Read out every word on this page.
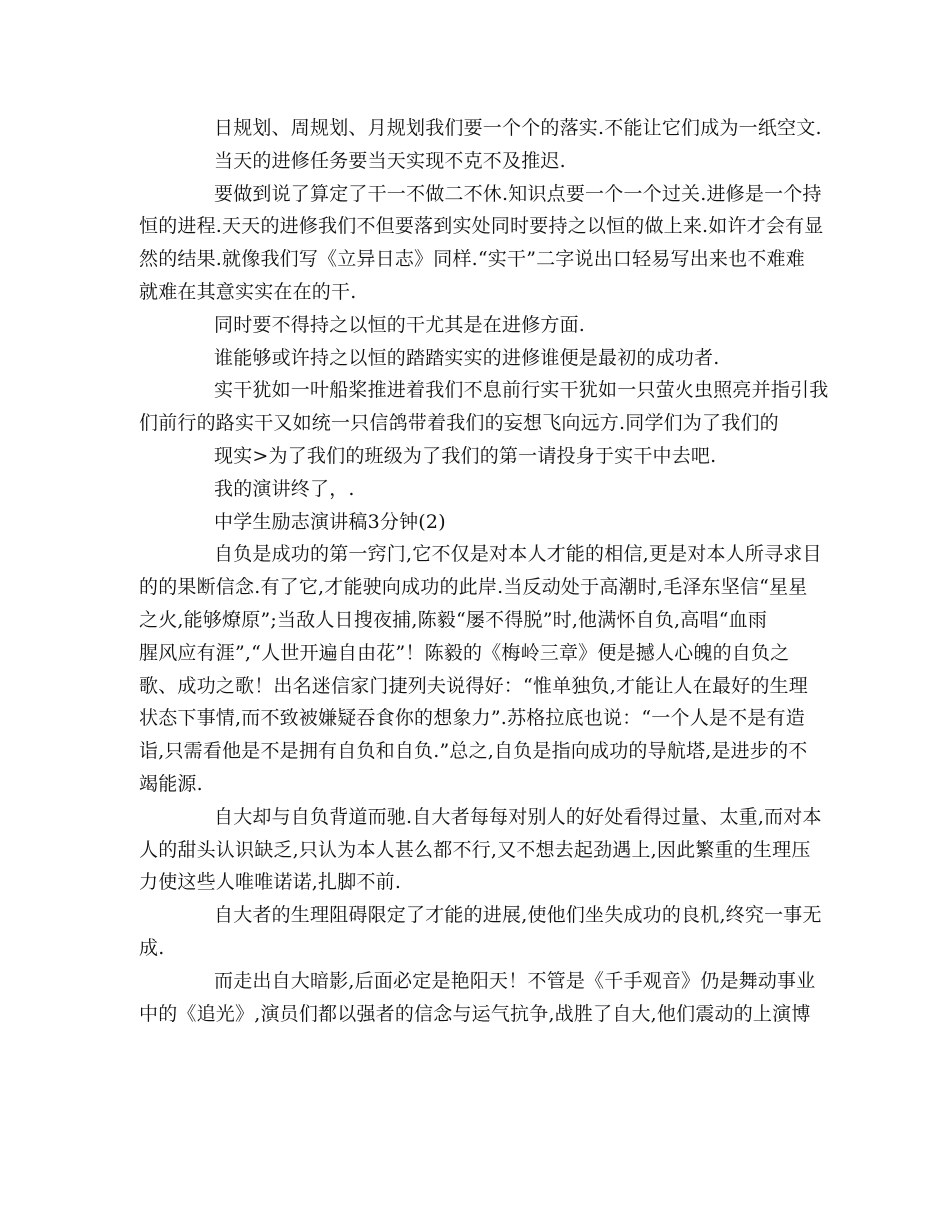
日规划、周规划、月规划我们要一个个的落实.不能让它们成为一纸空文.
当天的进修任务要当天实现不克不及推迟.
要做到说了算定了干一不做二不休.知识点要一个一个过关.进修是一个持
恒的进程.天天的进修我们不但要落到实处同时要持之以恒的做上来.如许才会有显
然的结果.就像我们写《立异日志》同样.“实干”二字说出口轻易写出来也不难难
就难在其意实实在在的干.
同时要不得持之以恒的干尤其是在进修方面.
谁能够或许持之以恒的踏踏实实的进修谁便是最初的成功者.
实干犹如一叶船桨推进着我们不息前行实干犹如一只萤火虫照亮并指引我
们前行的路实干又如统一只信鸽带着我们的妄想飞向远方.同学们为了我们的
现实>为了我们的班级为了我们的第一请投身于实干中去吧.
我的演讲终了，.
中学生励志演讲稿3分钟(2)
自负是成功的第一窍门,它不仅是对本人才能的相信,更是对本人所寻求目
的的果断信念.有了它,才能驶向成功的此岸.当反动处于高潮时,毛泽东坚信“星星
之火,能够燎原”;当敌人日搜夜捕,陈毅“屡不得脱”时,他满怀自负,高唱“血雨
腥风应有涯”,“人世开遍自由花”！陈毅的《梅岭三章》便是撼人心魄的自负之
歌、成功之歌！出名迷信家门捷列夫说得好：“惟单独负,才能让人在最好的生理
状态下事情,而不致被嫌疑吞食你的想象力”.苏格拉底也说：“一个人是不是有造
诣,只需看他是不是拥有自负和自负.”总之,自负是指向成功的导航塔,是进步的不
竭能源.
自大却与自负背道而驰.自大者每每对别人的好处看得过量、太重,而对本
人的甜头认识缺乏,只认为本人甚么都不行,又不想去起劲遇上,因此繁重的生理压
力使这些人唯唯诺诺,扎脚不前.
自大者的生理阻碍限定了才能的进展,使他们坐失成功的良机,终究一事无
成.
而走出自大暗影,后面必定是艳阳天！不管是《千手观音》仍是舞动事业
中的《追光》,演员们都以强者的信念与运气抗争,战胜了自大,他们震动的上演博
